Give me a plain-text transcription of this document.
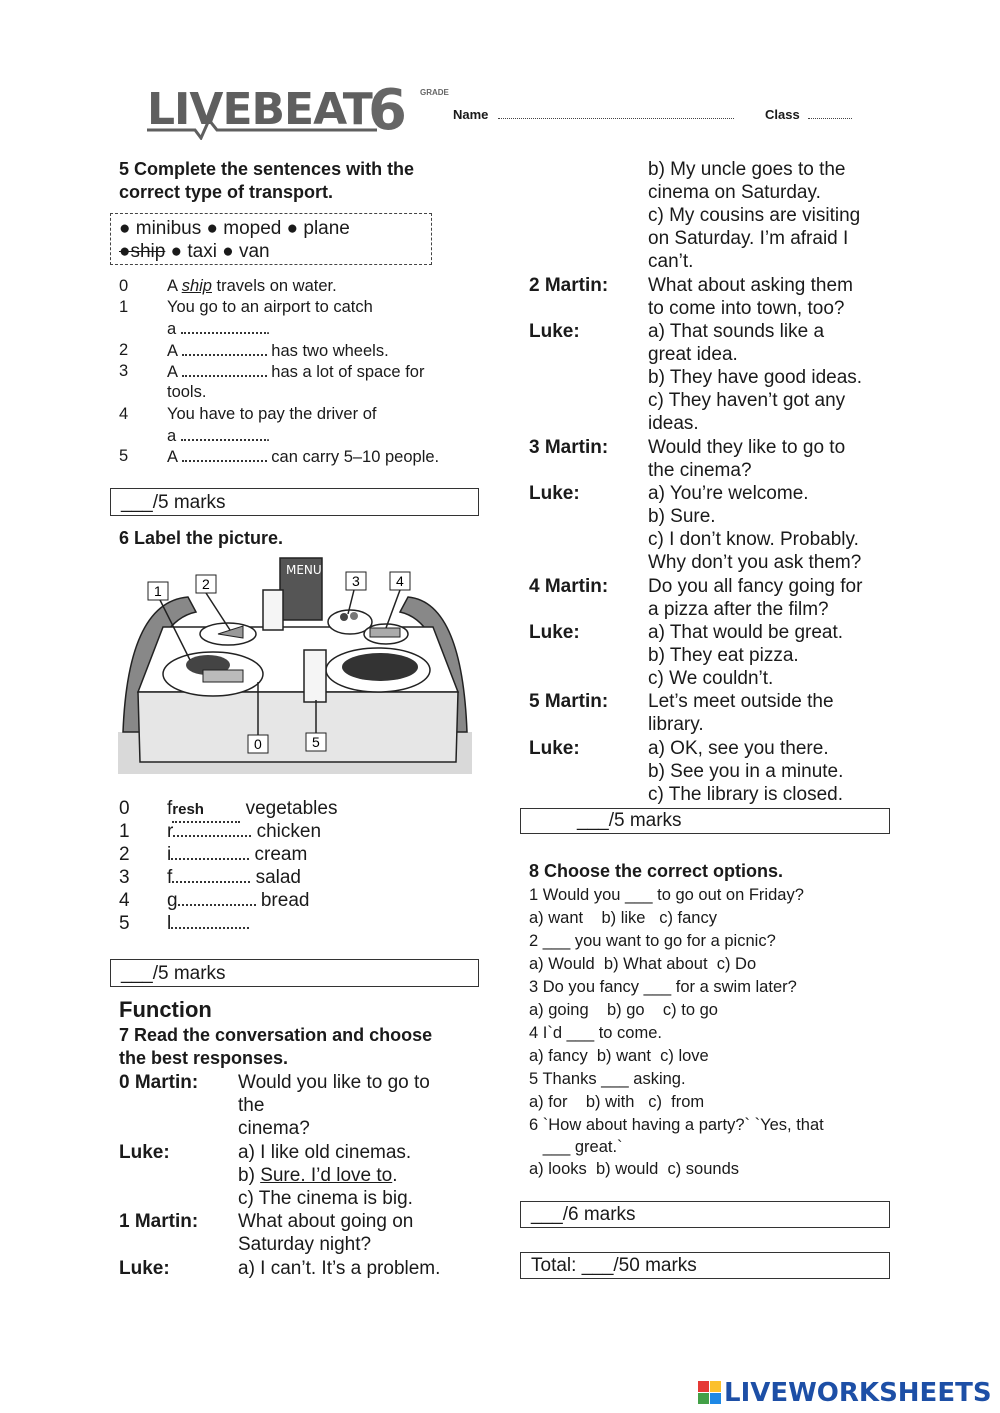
LIVEBEAT
6 GRADE
Name	Class
5 Complete the sentences with the
correct type of transport.
● minibus ● moped ● plane
●ship ● taxi ● van
0 A ship travels on water.
1 You go to an airport to catch
a	.
2 A	has two wheels.
3 A	has a lot of space for
tools.
4 You have to pay the driver of
a	.
5 A	can carry 5–10 people.
___/5 marks
6 Label the picture.
MENU
1	2	3	4
0	5
0 fresh vegetables
1 r	chicken
2 i	cream
3 f	salad
4 g	bread
5 l
___/5 marks
Function
7 Read the conversation and choose
the best responses.
0 Martin: Would you like to go to
the
cinema?
Luke:	a) I like old cinemas.
b) Sure. I’d love to.
c) The cinema is big.
1 Martin: What about going on
Saturday night?
Luke:	a) I can’t. It’s a problem.
b) My uncle goes to the
cinema on Saturday.
c) My cousins are visiting
on Saturday. I’m afraid I
can’t.
2 Martin: What about asking them
to come into town, too?
Luke:	a) That sounds like a
great idea.
b) They have good ideas.
c) They haven’t got any
ideas.
3 Martin: Would they like to go to
the cinema?
Luke:	a) You’re welcome.
b) Sure.
c) I don’t know. Probably.
Why don’t you ask them?
4 Martin: Do you all fancy going for
a pizza after the film?
Luke:	a) That would be great.
b) They eat pizza.
c) We couldn’t.
5 Martin: Let’s meet outside the
library.
Luke:	a) OK, see you there.
b) See you in a minute.
c) The library is closed.
___/5 marks
8 Choose the correct options.
1 Would you ___ to go out on Friday?
a) want    b) like   c) fancy
2 ___ you want to go for a picnic?
a) Would  b) What about  c) Do
3 Do you fancy ___ for a swim later?
a) going    b) go    c) to go
4 I`d ___ to come.
a) fancy  b) want  c) love
5 Thanks ___ asking.
a) for    b) with   c)  from
6 `How about having a party?` `Yes, that
___ great.`
a) looks  b) would  c) sounds
___/6 marks
Total: ___/50 marks
LIVEWORKSHEETS
